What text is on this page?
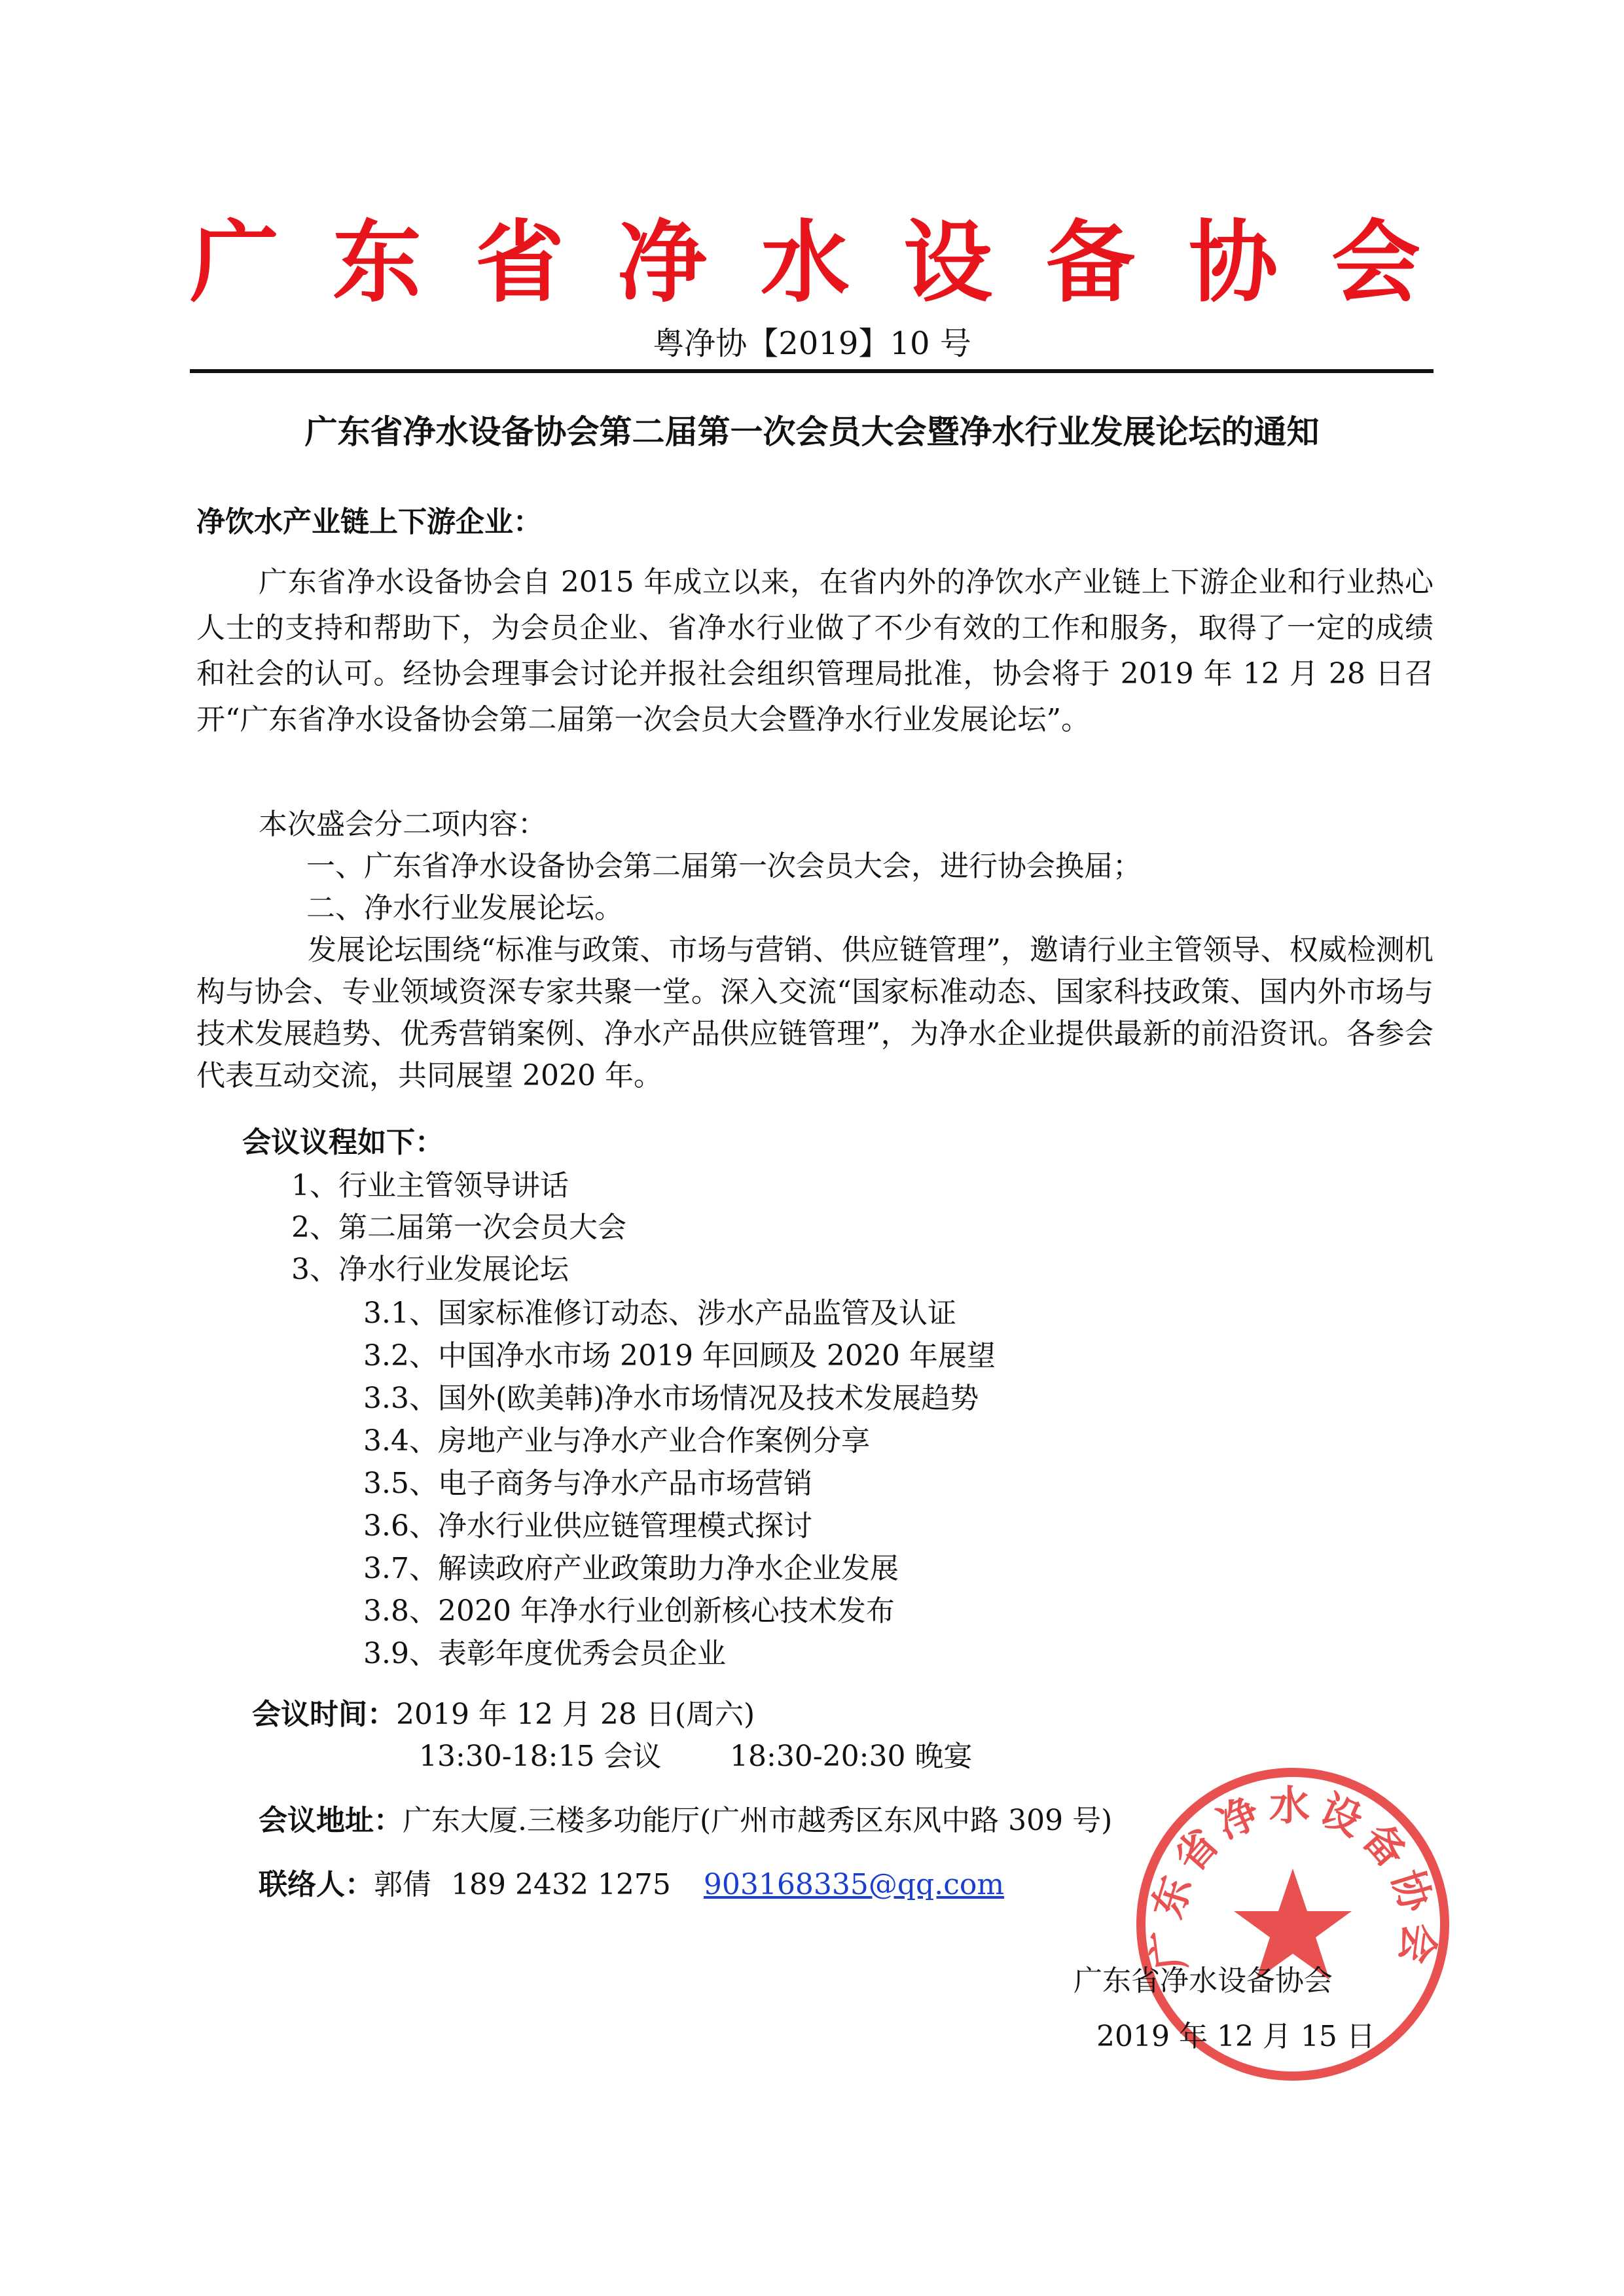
广东省净水设备协会
粤净协【2019】10 号
广东省净水设备协会第二届第一次会员大会暨净水行业发展论坛的通知
净饮水产业链上下游企业：
广东省净水设备协会自 2015 年成立以来，在省内外的净饮水产业链上下游企业和行业热心人士的支持和帮助下，为会员企业、省净水行业做了不少有效的工作和服务，取得了一定的成绩和社会的认可。经协会理事会讨论并报社会组织管理局批准，协会将于 2019 年 12 月 28 日召开“广东省净水设备协会第二届第一次会员大会暨净水行业发展论坛”。
本次盛会分二项内容：
一、广东省净水设备协会第二届第一次会员大会，进行协会换届；
二、净水行业发展论坛。
发展论坛围绕“标准与政策、市场与营销、供应链管理”，邀请行业主管领导、权威检测机构与协会、专业领域资深专家共聚一堂。深入交流“国家标准动态、国家科技政策、国内外市场与技术发展趋势、优秀营销案例、净水产品供应链管理”，为净水企业提供最新的前沿资讯。各参会代表互动交流，共同展望 2020 年。
会议议程如下：
1、行业主管领导讲话
2、第二届第一次会员大会
3、净水行业发展论坛
3.1、国家标准修订动态、涉水产品监管及认证
3.2、中国净水市场 2019 年回顾及 2020 年展望
3.3、国外(欧美韩)净水市场情况及技术发展趋势
3.4、房地产业与净水产业合作案例分享
3.5、电子商务与净水产品市场营销
3.6、净水行业供应链管理模式探讨
3.7、解读政府产业政策助力净水企业发展
3.8、2020 年净水行业创新核心技术发布
3.9、表彰年度优秀会员企业
会议时间：2019 年 12 月 28 日(周六)
13:30-18:15 会议 18:30-20:30 晚宴
会议地址：广东大厦.三楼多功能厅(广州市越秀区东风中路 309 号)
联络人：郭倩 189 2432 1275 903168335@qq.com
广东省净水设备协会
广东省净水设备协会
2019 年 12 月 15 日
